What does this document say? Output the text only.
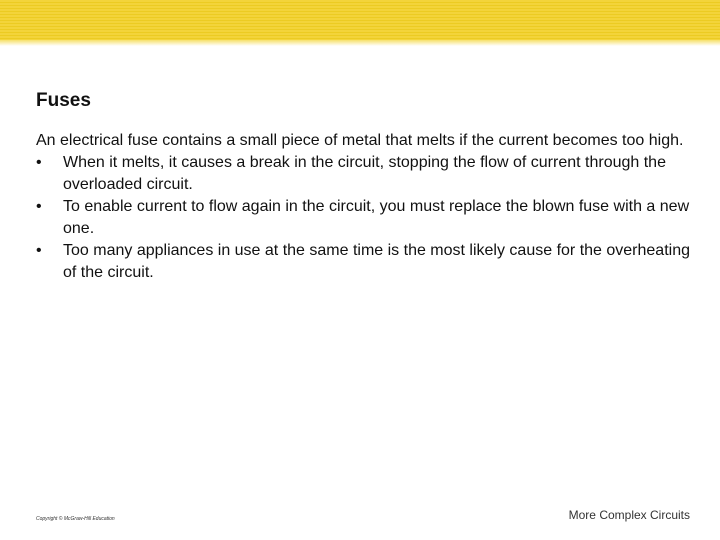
Fuses

An electrical fuse contains a small piece of metal that melts if the current becomes too high.

•	When it melts, it causes a break in the circuit, stopping the flow of current through the overloaded circuit.
•	To enable current to flow again in the circuit, you must replace the blown fuse with a new one.
•	Too many appliances in use at the same time is the most likely cause for the overheating of the circuit.
Copyright © McGraw-Hill Education	More Complex Circuits
